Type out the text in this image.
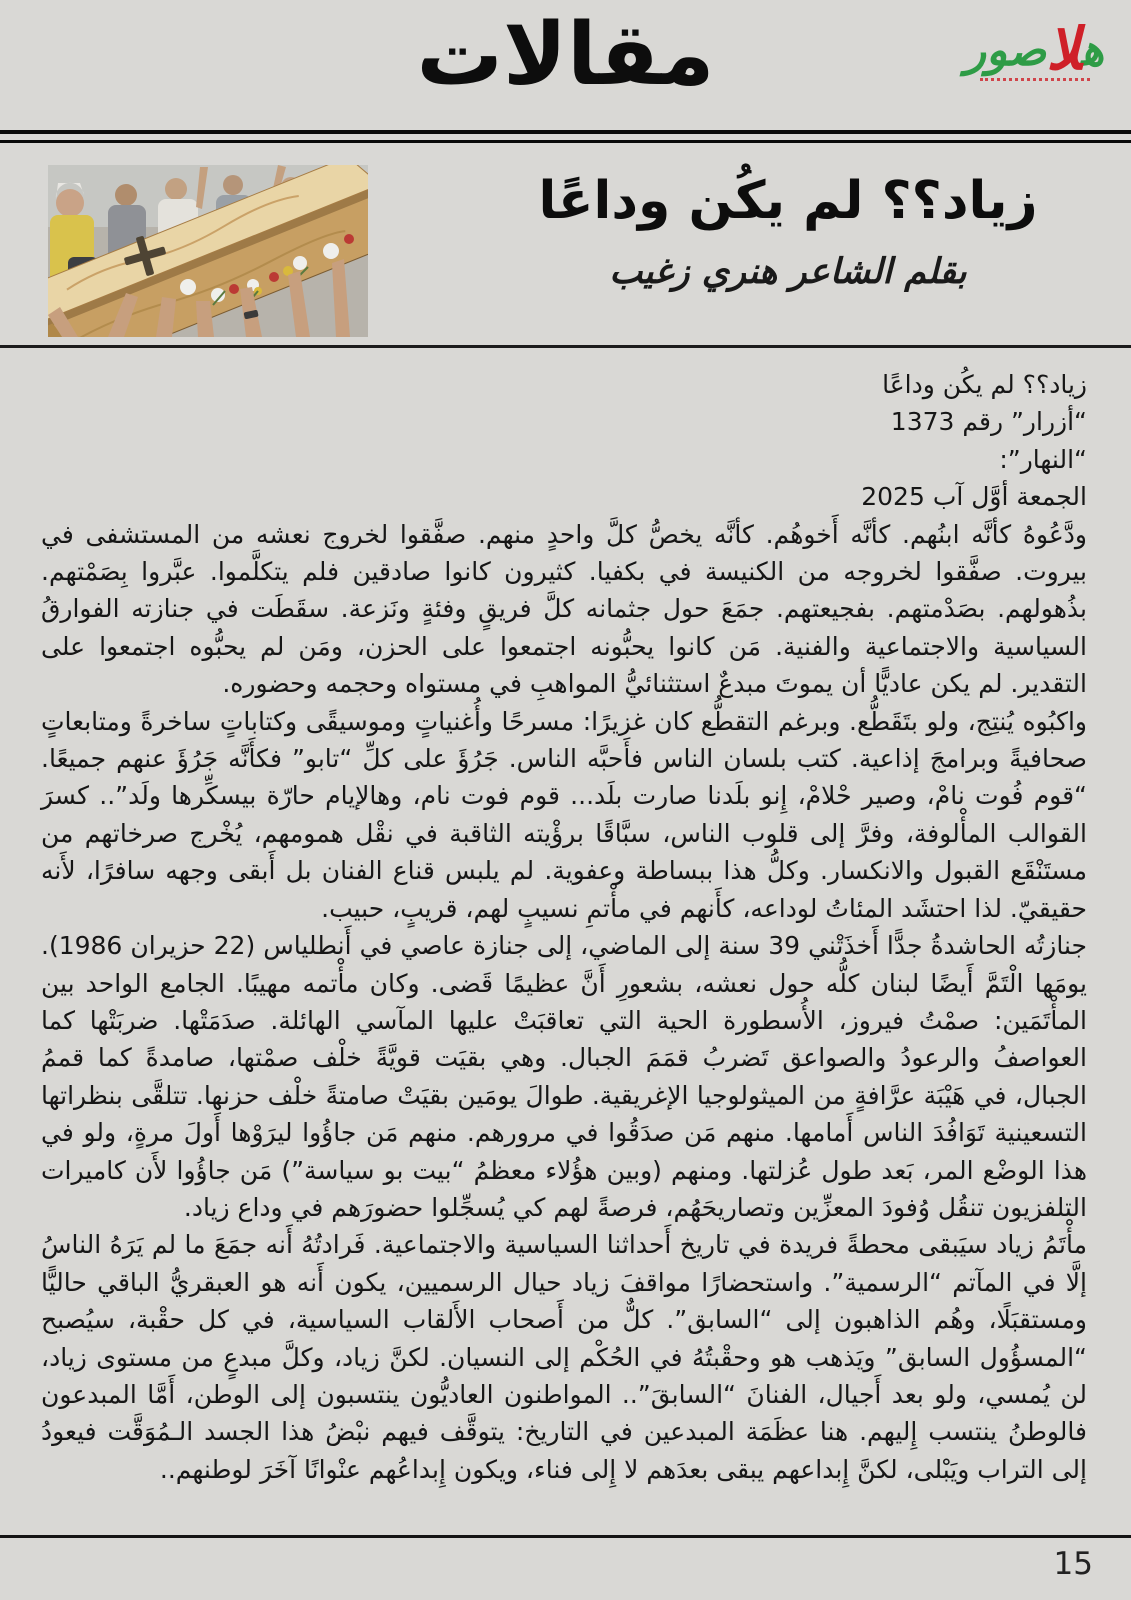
مقالات	هلاصور
زياد؟؟ لم يكُن وداعًا
بقلم الشاعر هنري زغيب
زياد؟؟ لم يكُن وداعًا
“أزرار” رقم 1373
“النهار”:
الجمعة أوَّل آب 2025

ودَّعُوهُ كأنَّه ابنُهم. كأنَّه أَخوهُم. كأنَّه يخصُّ كلَّ واحدٍ منهم. صفَّقوا لخروج نعشه من المستشفى في بيروت. صفَّقوا لخروجه من الكنيسة في بكفيا. كثيرون كانوا صادقين فلم يتكلَّموا. عبَّروا بِصَمْتهم. بذُهولهم. بصَدْمتهم. بفجيعتهم. جمَعَ حول جثمانه كلَّ فريقٍ وفئةٍ ونَزعة. سقَطَت في جنازته الفوارقُ السياسية والاجتماعية والفنية. مَن كانوا يحبُّونه اجتمعوا على الحزن، ومَن لم يحبُّوه اجتمعوا على التقدير. لم يكن عاديًّا أن يموتَ مبدعٌ استثنائيُّ المواهبِ في مستواه وحجمه وحضوره.

واكبُوه يُنتِج، ولو بتَقَطُّع. وبرغم التقطُّع كان غزيرًا: مسرحًا وأُغنياتٍ وموسيقًى وكتاباتٍ ساخرةً ومتابعاتٍ صحافيةً وبرامجَ إذاعية. كتب بلسان الناس فأَحبَّه الناس. جَرُؤَ على كلِّ “تابو” فكأَنَّه جَرُؤَ عنهم جميعًا. “قوم فُوت نامْ، وصير حْلامْ، إِنو بلَدنا صارت بلَد... قوم فوت نام، وهالإيام حارّة بيسكِّرها ولَد”.. كسرَ القوالب المأْلوفة، وفرَّ إلى قلوب الناس، سبَّاقًا برؤْيته الثاقبة في نقْل همومهم، يُخْرج صرخاتهم من مستَنْقَع القبول والانكسار. وكلُّ هذا ببساطة وعفوية. لم يلبس قناع الفنان بل أَبقى وجهه سافرًا، لأَنه حقيقيّ. لذا احتشَد المئاتُ لوداعه، كأَنهم في مأْتمِ نسيبٍ لهم، قريبٍ، حبيب.

جنازتُه الحاشدةُ جدًّا أَخذَتْني 39 سنة إلى الماضي، إلى جنازة عاصي في أَنطلياس (22 حزيران 1986). يومَها الْتَمَّ أَيضًا لبنان كلُّه حول نعشه، بشعورِ أَنَّ عظيمًا قَضى. وكان مأْتمه مهيبًا. الجامع الواحد بين المأْتَمَين: صمْتُ فيروز، الأُسطورة الحية التي تعاقبَتْ عليها المآسي الهائلة. صدَمَتْها. ضربَتْها كما العواصفُ والرعودُ والصواعق تَضربُ قمَمَ الجبال. وهي بقيَت قويَّةً خلْف صمْتها، صامدةً كما قممُ الجبال، في هَيْبَة عرَّافةٍ من الميثولوجيا الإغريقية. طوالَ يومَين بقيَتْ صامتةً خلْف حزنها. تتلقَّى بنظراتها التسعينية تَوَافُدَ الناس أَمامها. منهم مَن صدَقُوا في مرورهم. منهم مَن جاؤُوا ليرَوْها أَولَ مرةٍ، ولو في هذا الوضْع المر، بَعد طول عُزلتها. ومنهم (وبين هؤُلاء معظمُ “بيت بو سياسة”) مَن جاؤُوا لأَن كاميرات التلفزيون تنقُل وُفودَ المعزِّين وتصاريحَهُم، فرصةً لهم كي يُسجِّلوا حضورَهم في وداع زياد.

مأْتَمُ زياد سيَبقى محطةً فريدة في تاريخ أَحداثنا السياسية والاجتماعية. فَرادتُهُ أَنه جمَعَ ما لم يَرَهُ الناسُ إلَّا في المآتم “الرسمية”. واستحضارًا مواقفَ زياد حيال الرسميين، يكون أَنه هو العبقريُّ الباقي حاليًّا ومستقبَلًا، وهُم الذاهبون إلى “السابق”. كلٌّ من أَصحاب الأَلقاب السياسية، في كل حقْبة، سيُصبح “المسؤُول السابق” ويَذهب هو وحقْبتُهُ في الحُكْم إلى النسيان. لكنَّ زياد، وكلَّ مبدعٍ من مستوى زياد، لن يُمسي، ولو بعد أَجيال، الفنانَ “السابقَ”.. المواطنون العاديُّون ينتسبون إلى الوطن، أَمَّا المبدعون فالوطنُ ينتسب إِليهم. هنا عظَمَة المبدعين في التاريخ: يتوقَّف فيهم نبْضُ هذا الجسد الـمُوَقَّت فيعودُ إلى التراب ويَبْلى، لكنَّ إِبداعهم يبقى بعدَهم لا إِلى فناء، ويكون إِبداعُهم عنْوانًا آخَرَ لوطنهم..

15
